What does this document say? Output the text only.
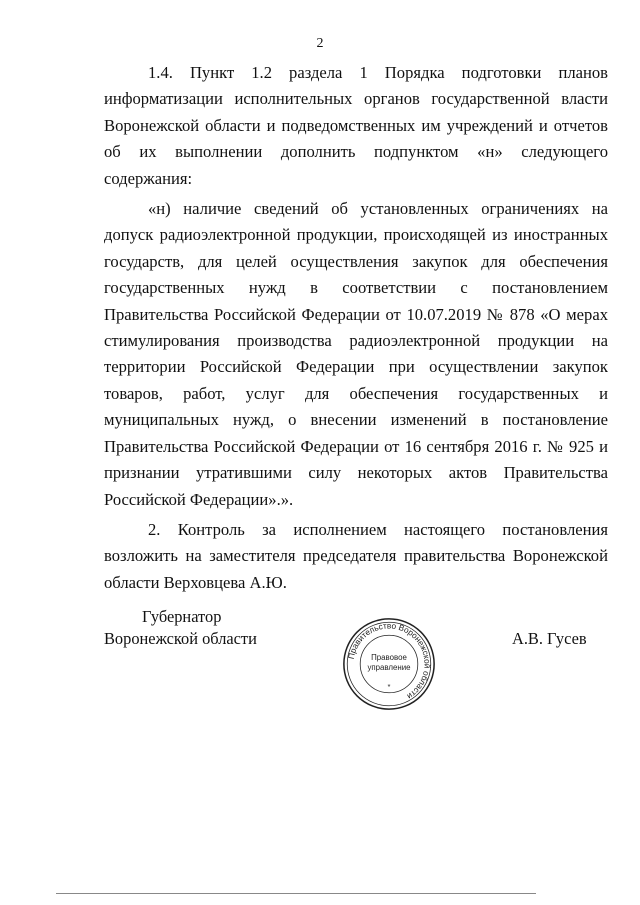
2

1.4. Пункт 1.2 раздела 1 Порядка подготовки планов информатизации исполнительных органов государственной власти Воронежской области и подведомственных им учреждений и отчетов об их выполнении дополнить подпунктом «н» следующего содержания:

«н) наличие сведений об установленных ограничениях на допуск радиоэлектронной продукции, происходящей из иностранных государств, для целей осуществления закупок для обеспечения государственных нужд в соответствии с постановлением Правительства Российской Федерации от 10.07.2019 № 878 «О мерах стимулирования производства радиоэлектронной продукции на территории Российской Федерации при осуществлении закупок товаров, работ, услуг для обеспечения государственных и муниципальных нужд, о внесении изменений в постановление Правительства Российской Федерации от 16 сентября 2016 г. № 925 и признании утратившими силу некоторых актов Правительства Российской Федерации».».

2. Контроль за исполнением настоящего постановления возложить на заместителя председателя правительства Воронежской области Верховцева А.Ю.

Губернатор
Воронежской области
Правительство Воронежской области
Правовое
управление
*
А.В. Гусев
